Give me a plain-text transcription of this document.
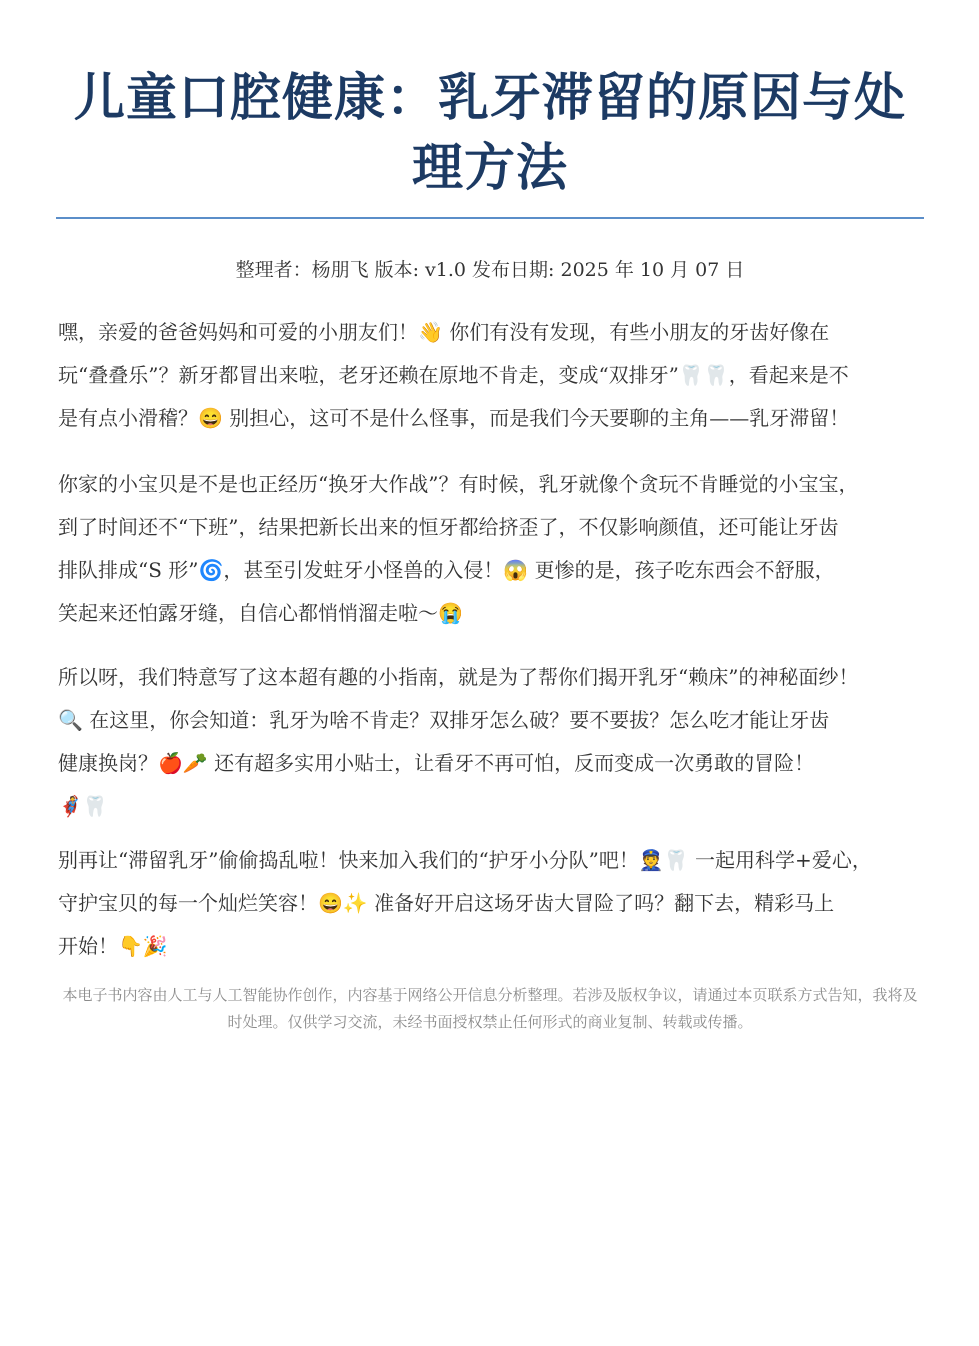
儿童口腔健康：乳牙滞留的原因与处理方法
整理者：杨朋飞 版本: v1.0 发布日期: 2025 年 10 月 07 日

嘿，亲爱的爸爸妈妈和可爱的小朋友们！👋 你们有没有发现，有些小朋友的牙齿好像在
玩“叠叠乐”？新牙都冒出来啦，老牙还赖在原地不肯走，变成“双排牙”🦷🦷，看起来是不
是有点小滑稽？😄 别担心，这可不是什么怪事，而是我们今天要聊的主角——乳牙滞留！

你家的小宝贝是不是也正经历“换牙大作战”？有时候，乳牙就像个贪玩不肯睡觉的小宝宝，
到了时间还不“下班”，结果把新长出来的恒牙都给挤歪了，不仅影响颜值，还可能让牙齿
排队排成“S 形”🌀，甚至引发蛀牙小怪兽的入侵！😱 更惨的是，孩子吃东西会不舒服，
笑起来还怕露牙缝，自信心都悄悄溜走啦～😭

所以呀，我们特意写了这本超有趣的小指南，就是为了帮你们揭开乳牙“赖床”的神秘面纱！
🔍 在这里，你会知道：乳牙为啥不肯走？双排牙怎么破？要不要拔？怎么吃才能让牙齿
健康换岗？🍎🥕 还有超多实用小贴士，让看牙不再可怕，反而变成一次勇敢的冒险！
🦸🦷

别再让“滞留乳牙”偷偷捣乱啦！快来加入我们的“护牙小分队”吧！👮🦷 一起用科学+爱心，
守护宝贝的每一个灿烂笑容！😄✨ 准备好开启这场牙齿大冒险了吗？翻下去，精彩马上
开始！👇🎉

本电子书内容由人工与人工智能协作创作，内容基于网络公开信息分析整理。若涉及版权争议，请通过本页联系方式告知，我将及时处理。仅供学习交流，未经书面授权禁止任何形式的商业复制、转载或传播。
